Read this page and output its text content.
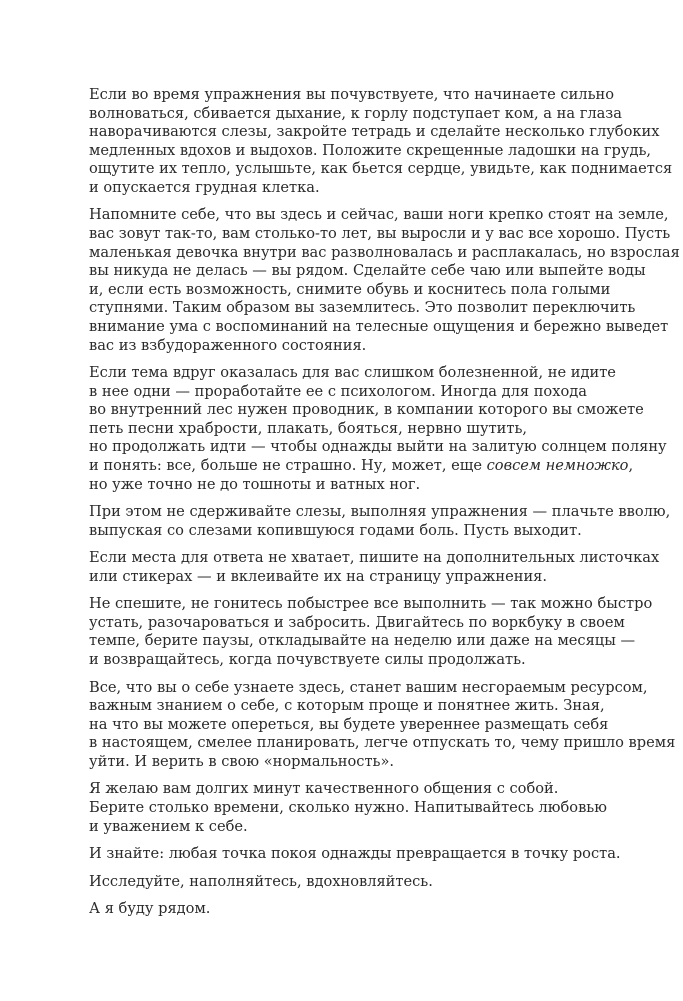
Если во время упражнения вы почувствуете, что начинаете сильно
волноваться, сбивается дыхание, к горлу подступает ком, а на глаза
наворачиваются слезы, закройте тетрадь и сделайте несколько глубоких
медленных вдохов и выдохов. Положите скрещенные ладошки на грудь,
ощутите их тепло, услышьте, как бьется сердце, увидьте, как поднимается
и опускается грудная клетка.

Напомните себе, что вы здесь и сейчас, ваши ноги крепко стоят на земле,
вас зовут так-то, вам столько-то лет, вы выросли и у вас все хорошо. Пусть
маленькая девочка внутри вас разволновалась и расплакалась, но взрослая
вы никуда не делась — вы рядом. Сделайте себе чаю или выпейте воды
и, если есть возможность, снимите обувь и коснитесь пола голыми
ступнями. Таким образом вы заземлитесь. Это позволит переключить
внимание ума с воспоминаний на телесные ощущения и бережно выведет
вас из взбудораженного состояния.

Если тема вдруг оказалась для вас слишком болезненной, не идите
в нее одни — проработайте ее с психологом. Иногда для похода
во внутренний лес нужен проводник, в компании которого вы сможете
петь песни храбрости, плакать, бояться, нервно шутить,
но продолжать идти — чтобы однажды выйти на залитую солнцем поляну
и понять: все, больше не страшно. Ну, может, еще совсем немножко,
но уже точно не до тошноты и ватных ног.

При этом не сдерживайте слезы, выполняя упражнения — плачьте вволю,
выпуская со слезами копившуюся годами боль. Пусть выходит.

Если места для ответа не хватает, пишите на дополнительных листочках
или стикерах — и вклеивайте их на страницу упражнения.

Не спешите, не гонитесь побыстрее все выполнить — так можно быстро
устать, разочароваться и забросить. Двигайтесь по воркбуку в своем
темпе, берите паузы, откладывайте на неделю или даже на месяцы —
и возвращайтесь, когда почувствуете силы продолжать.

Все, что вы о себе узнаете здесь, станет вашим несгораемым ресурсом,
важным знанием о себе, с которым проще и понятнее жить. Зная,
на что вы можете опереться, вы будете увереннее размещать себя
в настоящем, смелее планировать, легче отпускать то, чему пришло время
уйти. И верить в свою «нормальность».

Я желаю вам долгих минут качественного общения с собой.
Берите столько времени, сколько нужно. Напитывайтесь любовью
и уважением к себе.

И знайте: любая точка покоя однажды превращается в точку роста.

Исследуйте, наполняйтесь, вдохновляйтесь.

А я буду рядом.
